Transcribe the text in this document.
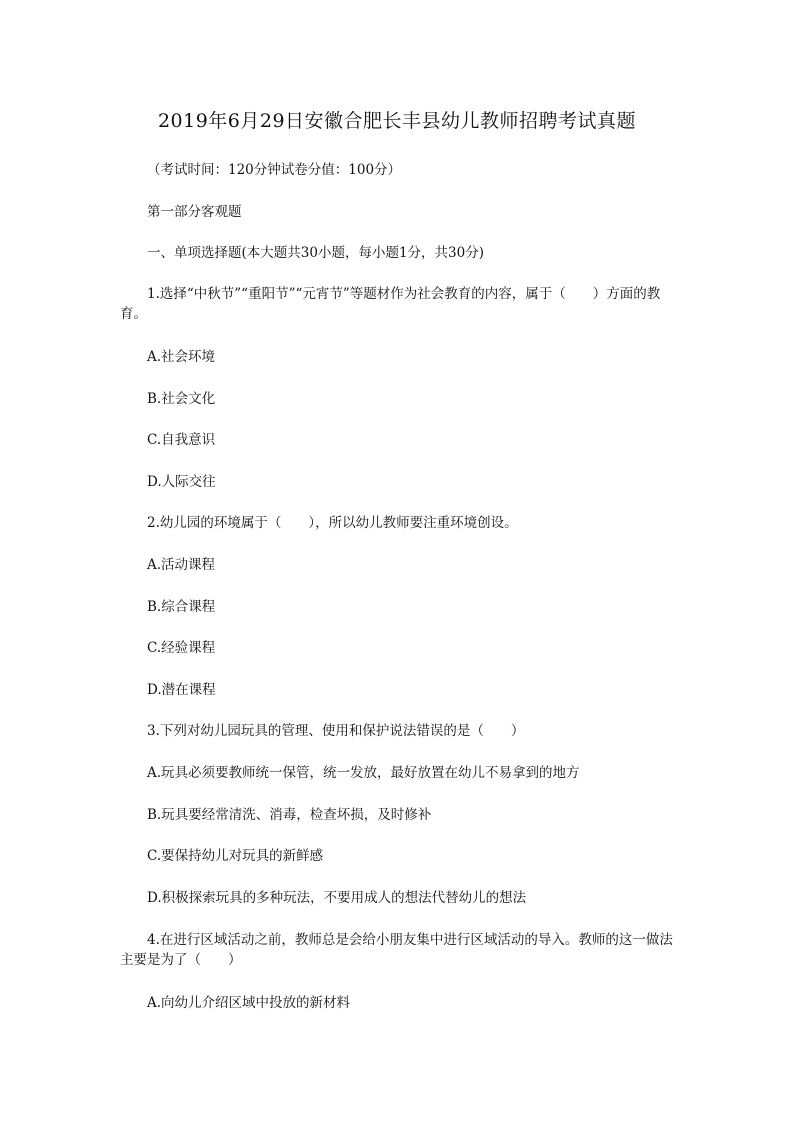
2019年6月29日安徽合肥长丰县幼儿教师招聘考试真题
（考试时间：120分钟试卷分值：100分）
第一部分客观题
一、单项选择题(本大题共30小题，每小题1分，共30分)
1.选择“中秋节”“重阳节”“元宵节”等题材作为社会教育的内容，属于（　　）方面的教育。
A.社会环境
B.社会文化
C.自我意识
D.人际交往
2.幼儿园的环境属于（　　），所以幼儿教师要注重环境创设。
A.活动课程
B.综合课程
C.经验课程
D.潜在课程
3.下列对幼儿园玩具的管理、使用和保护说法错误的是（　　）
A.玩具必须要教师统一保管，统一发放，最好放置在幼儿不易拿到的地方
B.玩具要经常清洗、消毒，检查坏损，及时修补
C.要保持幼儿对玩具的新鲜感
D.积极探索玩具的多种玩法，不要用成人的想法代替幼儿的想法
4.在进行区域活动之前，教师总是会给小朋友集中进行区域活动的导入。教师的这一做法主要是为了（　　）
A.向幼儿介绍区域中投放的新材料
